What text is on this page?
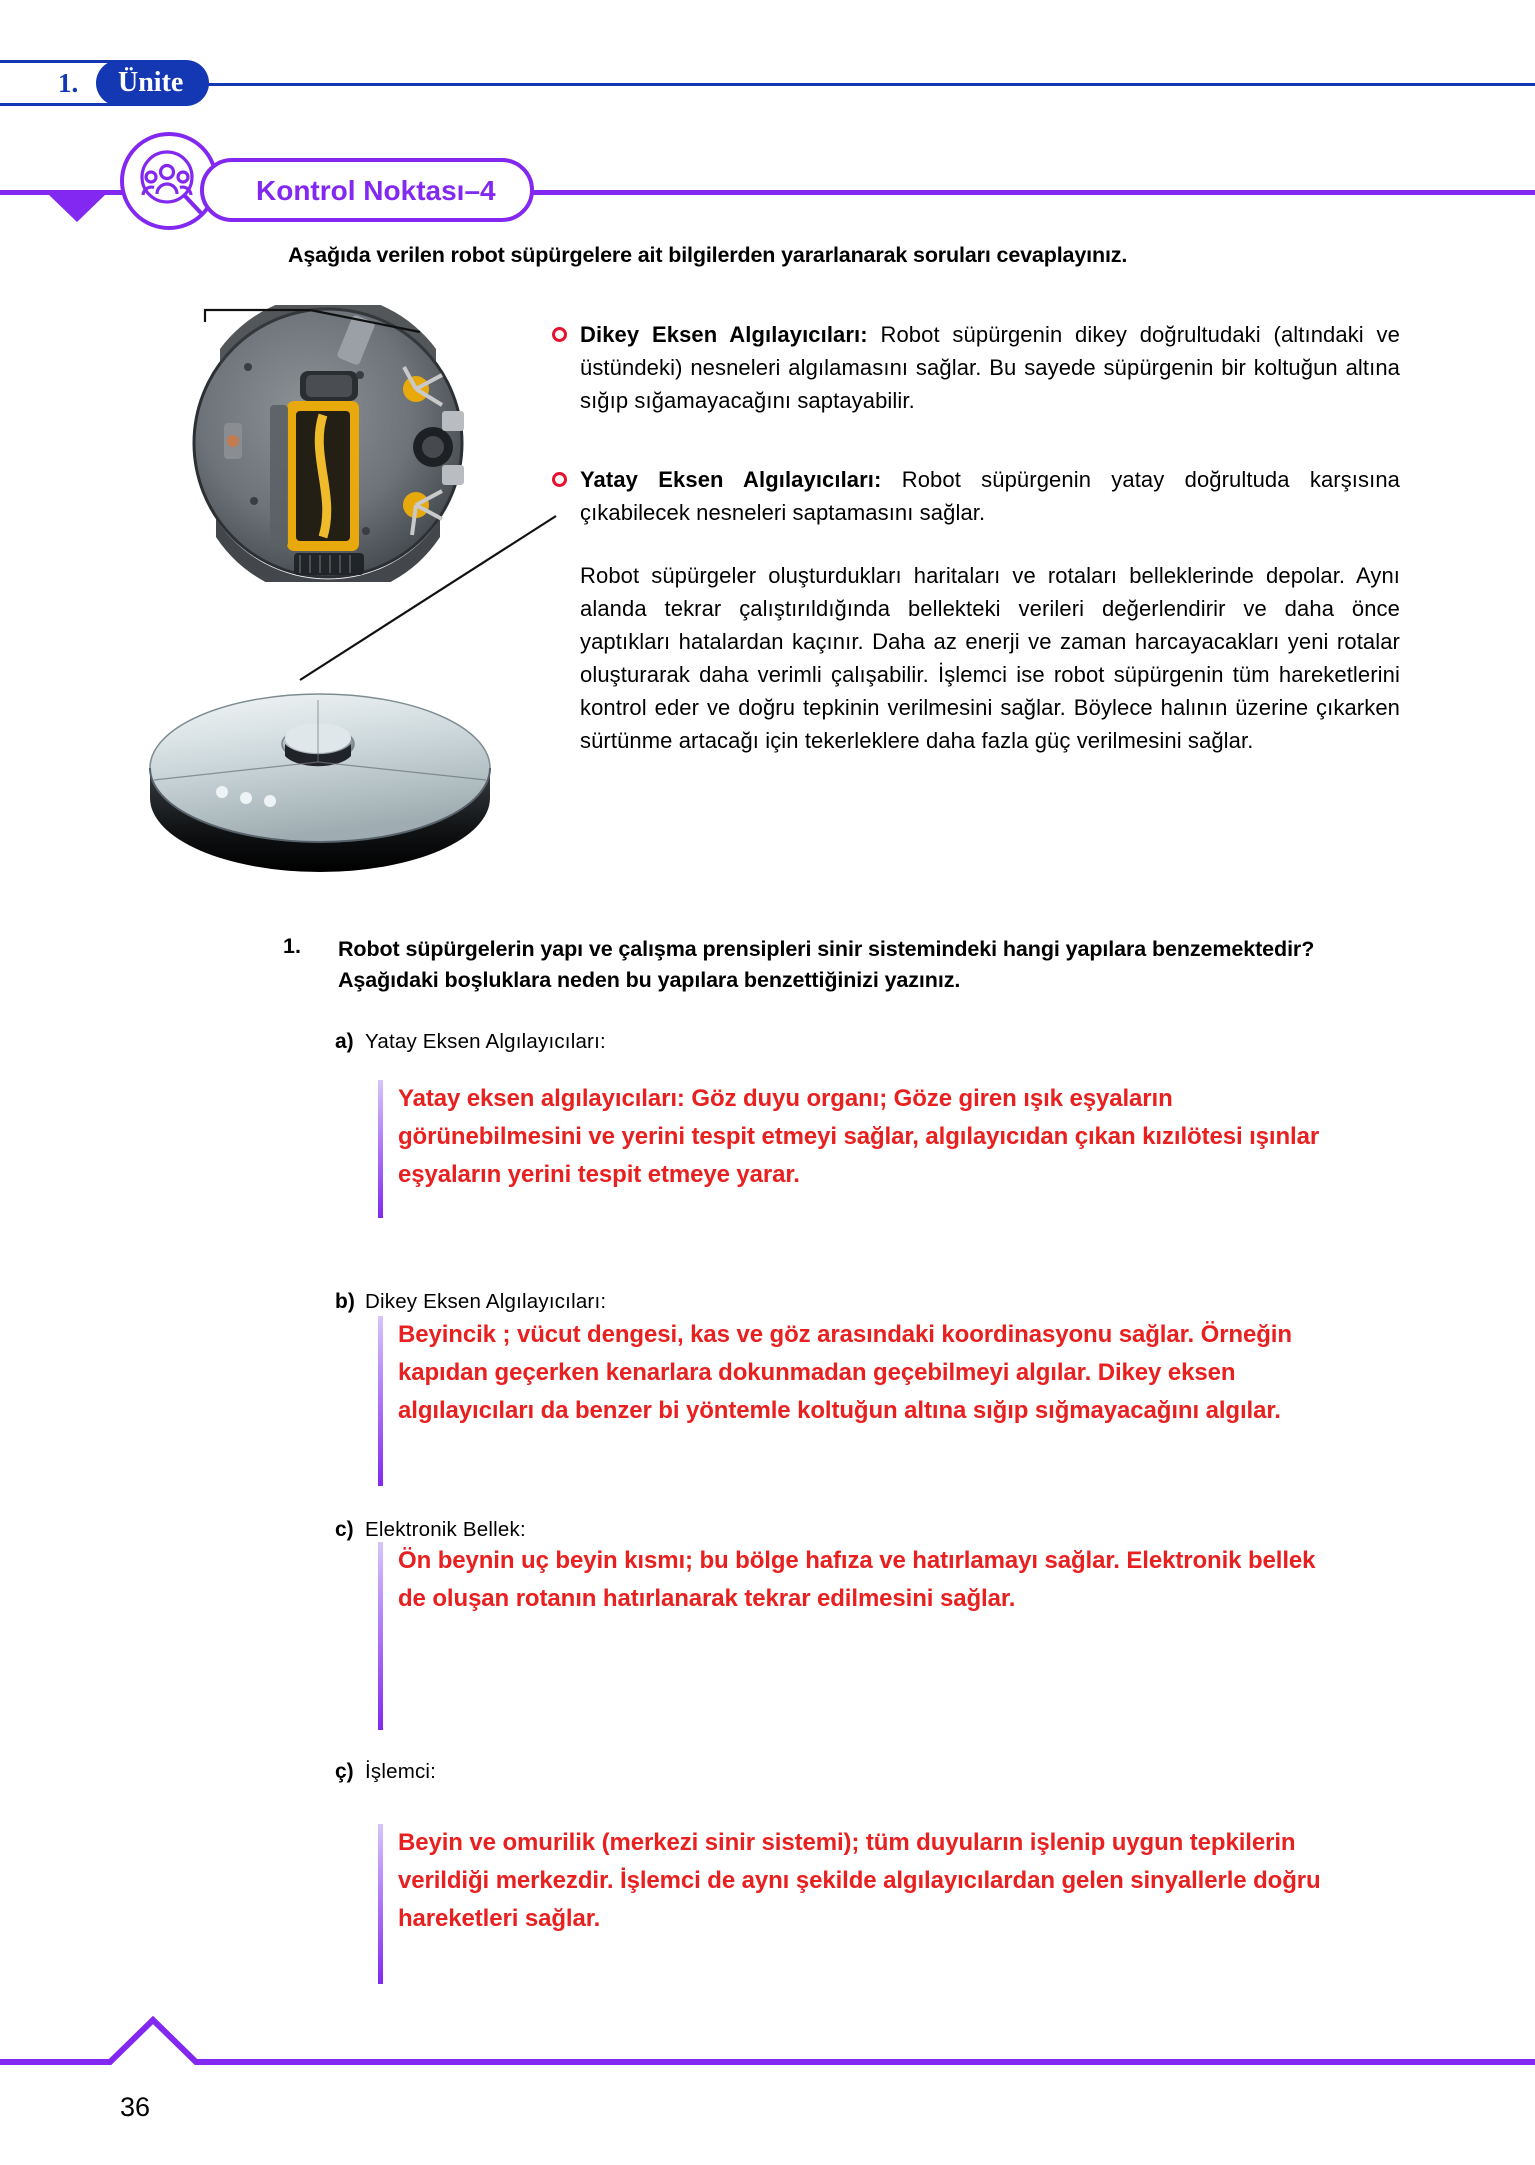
1.	Ünite
Kontrol Noktası–4
Aşağıda verilen robot süpürgelere ait bilgilerden yararlanarak soruları cevaplayınız.
Dikey Eksen Algılayıcıları: Robot süpürgenin dikey doğrultudaki (altındaki ve üstündeki) nesneleri algılamasını sağlar. Bu sayede süpürgenin bir koltuğun altına sığıp sığamayacağını saptayabilir.
Yatay Eksen Algılayıcıları: Robot süpürgenin yatay doğrultuda karşısına çıkabilecek nesneleri saptamasını sağlar.
Robot süpürgeler oluşturdukları haritaları ve rotaları belleklerinde depolar. Aynı alanda tekrar çalıştırıldığında bellekteki verileri değerlendirir ve daha önce yaptıkları hatalardan kaçınır. Daha az enerji ve zaman harcayacakları yeni rotalar oluşturarak daha verimli çalışabilir. İşlemci ise robot süpürgenin tüm hareketlerini kontrol eder ve doğru tepkinin verilmesini sağlar. Böylece halının üzerine çıkarken sürtünme artacağı için tekerleklere daha fazla güç verilmesini sağlar.
1. Robot süpürgelerin yapı ve çalışma prensipleri sinir sistemindeki hangi yapılara benzemektedir? Aşağıdaki boşluklara neden bu yapılara benzettiğinizi yazınız.
a) Yatay Eksen Algılayıcıları:
Yatay eksen algılayıcıları: Göz duyu organı; Göze giren ışık eşyaların görünebilmesini ve yerini tespit etmeyi sağlar, algılayıcıdan çıkan kızılötesi ışınlar eşyaların yerini tespit etmeye yarar.
b) Dikey Eksen Algılayıcıları:
Beyincik ; vücut dengesi, kas ve göz arasındaki koordinasyonu sağlar. Örneğin kapıdan geçerken kenarlara dokunmadan geçebilmeyi algılar. Dikey eksen algılayıcıları da benzer bi yöntemle koltuğun altına sığıp sığmayacağını algılar.
c) Elektronik Bellek:
Ön beynin uç beyin kısmı; bu bölge hafıza ve hatırlamayı sağlar. Elektronik bellek de oluşan rotanın hatırlanarak tekrar edilmesini sağlar.
ç) İşlemci:
Beyin ve omurilik (merkezi sinir sistemi); tüm duyuların işlenip uygun tepkilerin verildiği merkezdir. İşlemci de aynı şekilde algılayıcılardan gelen sinyallerle doğru hareketleri sağlar.
36
